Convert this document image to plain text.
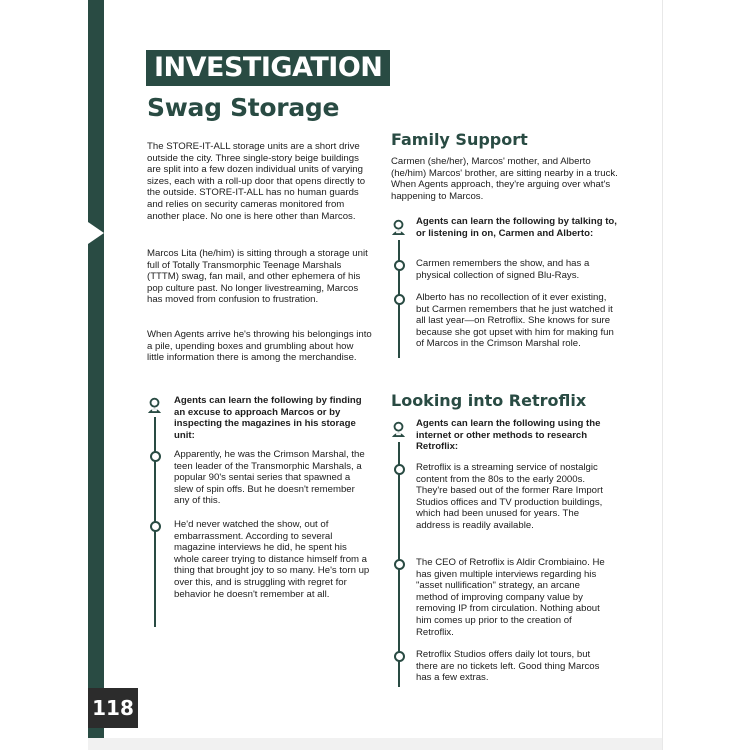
118
INVESTIGATION
Swag Storage

The STORE-IT-ALL storage units are a short drive outside the city. Three single-story beige buildings are split into a few dozen individual units of varying sizes, each with a roll-up door that opens directly to the outside. STORE-IT-ALL has no human guards and relies on security cameras monitored from another place. No one is here other than Marcos.

Marcos Lita (he/him) is sitting through a storage unit full of Totally Transmorphic Teenage Marshals (TTTM) swag, fan mail, and other ephemera of his pop culture past. No longer livestreaming, Marcos has moved from confusion to frustration.

When Agents arrive he's throwing his belongings into a pile, upending boxes and grumbling about how little information there is among the merchandise.

Agents can learn the following by finding an excuse to approach Marcos or by inspecting the magazines in his storage unit:

Apparently, he was the Crimson Marshal, the teen leader of the Transmorphic Marshals, a popular 90's sentai series that spawned a slew of spin offs. But he doesn't remember any of this.

He'd never watched the show, out of embarrassment. According to several magazine interviews he did, he spent his whole career trying to distance himself from a thing that brought joy to so many. He's torn up over this, and is struggling with regret for behavior he doesn't remember at all.

Family Support

Carmen (she/her), Marcos' mother, and Alberto (he/him) Marcos' brother, are sitting nearby in a truck. When Agents approach, they're arguing over what's happening to Marcos.

Agents can learn the following by talking to, or listening in on, Carmen and Alberto:

Carmen remembers the show, and has a physical collection of signed Blu-Rays.

Alberto has no recollection of it ever existing, but Carmen remembers that he just watched it all last year—on Retroflix. She knows for sure because she got upset with him for making fun of Marcos in the Crimson Marshal role.

Looking into Retroflix

Agents can learn the following using the internet or other methods to research Retroflix:

Retroflix is a streaming service of nostalgic content from the 80s to the early 2000s. They're based out of the former Rare Import Studios offices and TV production buildings, which had been unused for years. The address is readily available.

The CEO of Retroflix is Aldir Crombiaino. He has given multiple interviews regarding his "asset nullification" strategy, an arcane method of improving company value by removing IP from circulation. Nothing about him comes up prior to the creation of Retroflix.

Retroflix Studios offers daily lot tours, but there are no tickets left. Good thing Marcos has a few extras.
